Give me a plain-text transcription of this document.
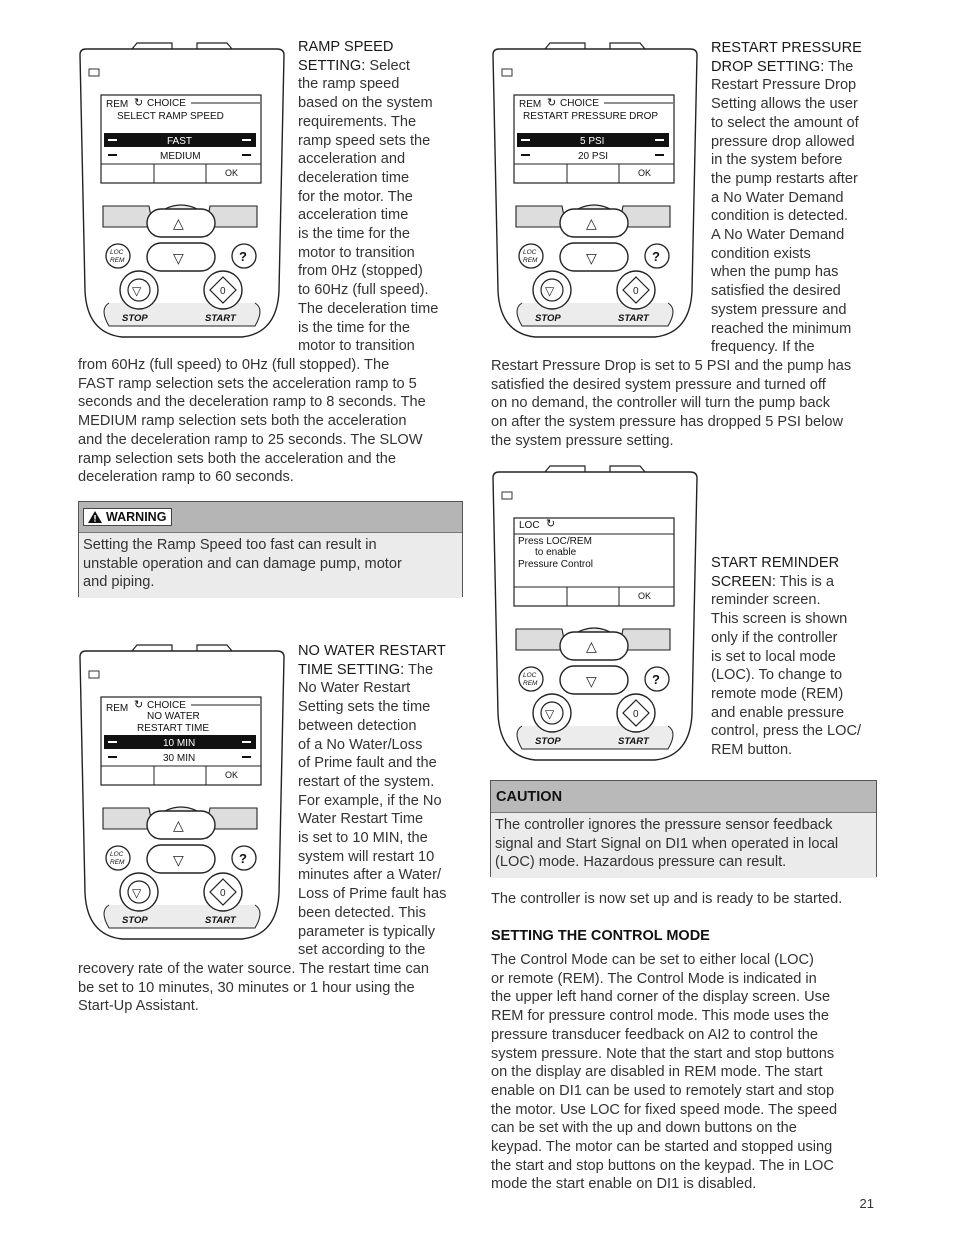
REM ↻ CHOICE
SELECT RAMP SPEED
FAST
MEDIUM
OK
△
▽
LOC
REM	?
▽	0
STOP	START
RAMP SPEED
SETTING: Select
the ramp speed
based on the system
requirements. The
ramp speed sets the
acceleration and
deceleration time
for the motor. The
acceleration time
is the time for the
motor to transition
from 0Hz (stopped)
to 60Hz (full speed).
The deceleration time
is the time for the
motor to transition
from 60Hz (full speed) to 0Hz (full stopped). The
FAST ramp selection sets the acceleration ramp to 5
seconds and the deceleration ramp to 8 seconds. The
MEDIUM ramp selection sets both the acceleration
and the deceleration ramp to 25 seconds. The SLOW
ramp selection sets both the acceleration and the
deceleration ramp to 60 seconds.
WARNING
Setting the Ramp Speed too fast can result in
unstable operation and can damage pump, motor
and piping.
REM ↻ CHOICE
NO WATER
RESTART TIME
10 MIN
30 MIN
OK
△
▽
LOC
REM	?
▽	0
STOP	START
NO WATER RESTART
TIME SETTING: The
No Water Restart
Setting sets the time
between detection
of a No Water/Loss
of Prime fault and the
restart of the system.
For example, if the No
Water Restart Time
is set to 10 MIN, the
system will restart 10
minutes after a Water/
Loss of Prime fault has
been detected. This
parameter is typically
set according to the
recovery rate of the water source. The restart time can
be set to 10 minutes, 30 minutes or 1 hour using the
Start-Up Assistant.
REM ↻ CHOICE
RESTART PRESSURE DROP
5 PSI
20 PSI
OK
△
▽
LOC
REM	?
▽	0
STOP	START
RESTART PRESSURE
DROP SETTING: The
Restart Pressure Drop
Setting allows the user
to select the amount of
pressure drop allowed
in the system before
the pump restarts after
a No Water Demand
condition is detected.
A No Water Demand
condition exists
when the pump has
satisfied the desired
system pressure and
reached the minimum
frequency. If the
Restart Pressure Drop is set to 5 PSI and the pump has
satisfied the desired system pressure and turned off
on no demand, the controller will turn the pump back
on after the system pressure has dropped 5 PSI below
the system pressure setting.
LOC ↻
Press LOC/REM
to enable
Pressure Control
OK
△
▽
LOC
REM	?
▽	0
STOP	START
START REMINDER
SCREEN: This is a
reminder screen.
This screen is shown
only if the controller
is set to local mode
(LOC). To change to
remote mode (REM)
and enable pressure
control, press the LOC/
REM button.
CAUTION
The controller ignores the pressure sensor feedback
signal and Start Signal on DI1 when operated in local
(LOC) mode. Hazardous pressure can result.
The controller is now set up and is ready to be started.
SETTING THE CONTROL MODE
The Control Mode can be set to either local (LOC)
or remote (REM). The Control Mode is indicated in
the upper left hand corner of the display screen. Use
REM for pressure control mode. This mode uses the
pressure transducer feedback on AI2 to control the
system pressure. Note that the start and stop buttons
on the display are disabled in REM mode. The start
enable on DI1 can be used to remotely start and stop
the motor. Use LOC for fixed speed mode. The speed
can be set with the up and down buttons on the
keypad. The motor can be started and stopped using
the start and stop buttons on the keypad. The in LOC
mode the start enable on DI1 is disabled.
21
